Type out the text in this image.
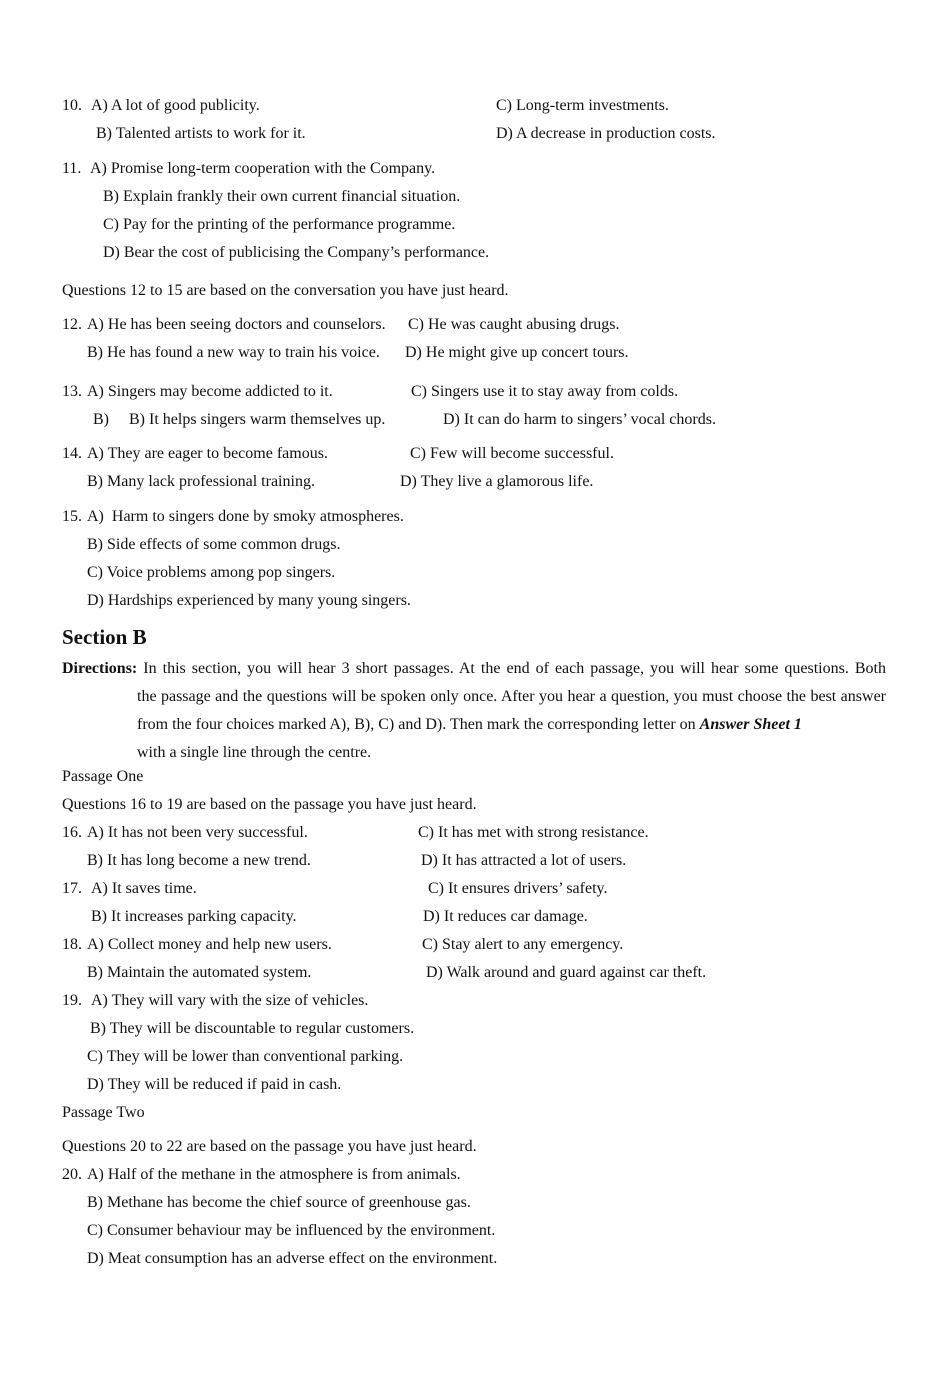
10. A) A lot of good publicity.	C) Long-term investments.
B) Talented artists to work for it.	D) A decrease in production costs.
11. A) Promise long-term cooperation with the Company.
B) Explain frankly their own current financial situation.
C) Pay for the printing of the performance programme.
D) Bear the cost of publicising the Company’s performance.
Questions 12 to 15 are based on the conversation you have just heard.
12. A) He has been seeing doctors and counselors. C) He was caught abusing drugs.
B) He has found a new way to train his voice. D) He might give up concert tours.
13. A) Singers may become addicted to it.	C) Singers use it to stay away from colds.
B) B) It helps singers warm themselves up.	D) It can do harm to singers’ vocal chords.
14. A) They are eager to become famous.	C) Few will become successful.
B) Many lack professional training.	D) They live a glamorous life.
15. A)  Harm to singers done by smoky atmospheres.
B) Side effects of some common drugs.
C) Voice problems among pop singers.
D) Hardships experienced by many young singers.
Section B
Directions: In this section, you will hear 3 short passages. At the end of each passage, you will hear some questions. Both
the passage and the questions will be spoken only once. After you hear a question, you must choose the best answer from the four choices marked A), B), C) and D). Then mark the corresponding letter on Answer Sheet 1
with a single line through the centre.
Passage One
Questions 16 to 19 are based on the passage you have just heard.
16. A) It has not been very successful.	C) It has met with strong resistance.
B) It has long become a new trend.	D) It has attracted a lot of users.
17. A) It saves time.	C) It ensures drivers’ safety.
B) It increases parking capacity.	D) It reduces car damage.
18. A) Collect money and help new users.	C) Stay alert to any emergency.
B) Maintain the automated system.	D) Walk around and guard against car theft.
19. A) They will vary with the size of vehicles.
B) They will be discountable to regular customers.
C) They will be lower than conventional parking.
D) They will be reduced if paid in cash.
Passage Two
Questions 20 to 22 are based on the passage you have just heard.
20. A) Half of the methane in the atmosphere is from animals.
B) Methane has become the chief source of greenhouse gas.
C) Consumer behaviour may be influenced by the environment.
D) Meat consumption has an adverse effect on the environment.
